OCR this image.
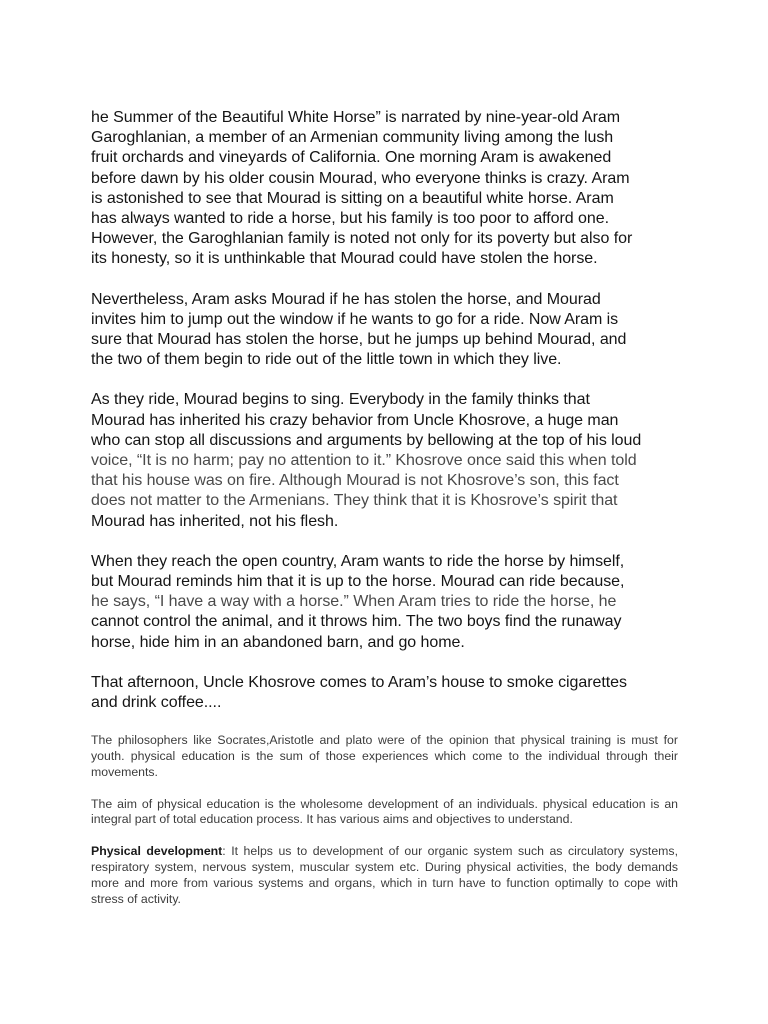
he Summer of the Beautiful White Horse” is narrated by nine-year-old Aram

Garoghlanian, a member of an Armenian community living among the lush

fruit orchards and vineyards of California. One morning Aram is awakened

before dawn by his older cousin Mourad, who everyone thinks is crazy. Aram

is astonished to see that Mourad is sitting on a beautiful white horse. Aram

has always wanted to ride a horse, but his family is too poor to afford one.

However, the Garoghlanian family is noted not only for its poverty but also for

its honesty, so it is unthinkable that Mourad could have stolen the horse.

Nevertheless, Aram asks Mourad if he has stolen the horse, and Mourad

invites him to jump out the window if he wants to go for a ride. Now Aram is

sure that Mourad has stolen the horse, but he jumps up behind Mourad, and

the two of them begin to ride out of the little town in which they live.

As they ride, Mourad begins to sing. Everybody in the family thinks that

Mourad has inherited his crazy behavior from Uncle Khosrove, a huge man

who can stop all discussions and arguments by bellowing at the top of his loud

voice, “It is no harm; pay no attention to it.” Khosrove once said this when told

that his house was on fire. Although Mourad is not Khosrove’s son, this fact

does not matter to the Armenians. They think that it is Khosrove’s spirit that

Mourad has inherited, not his flesh.

When they reach the open country, Aram wants to ride the horse by himself,

but Mourad reminds him that it is up to the horse. Mourad can ride because,

he says, “I have a way with a horse.” When Aram tries to ride the horse, he

cannot control the animal, and it throws him. The two boys find the runaway

horse, hide him in an abandoned barn, and go home.

That afternoon, Uncle Khosrove comes to Aram’s house to smoke cigarettes

and drink coffee....

The philosophers like Socrates,Aristotle and plato were of the opinion that physical training is must for youth. physical education is the sum of those experiences which come to the individual through their movements.

The aim of physical education is the wholesome development of an individuals. physical education is an integral part of total education process. It has various aims and objectives to understand.

Physical development: It helps us to development of our organic system such as circulatory systems, respiratory system, nervous system, muscular system etc. During physical activities, the body demands more and more from various systems and organs, which in turn have to function optimally to cope with stress of activity.
